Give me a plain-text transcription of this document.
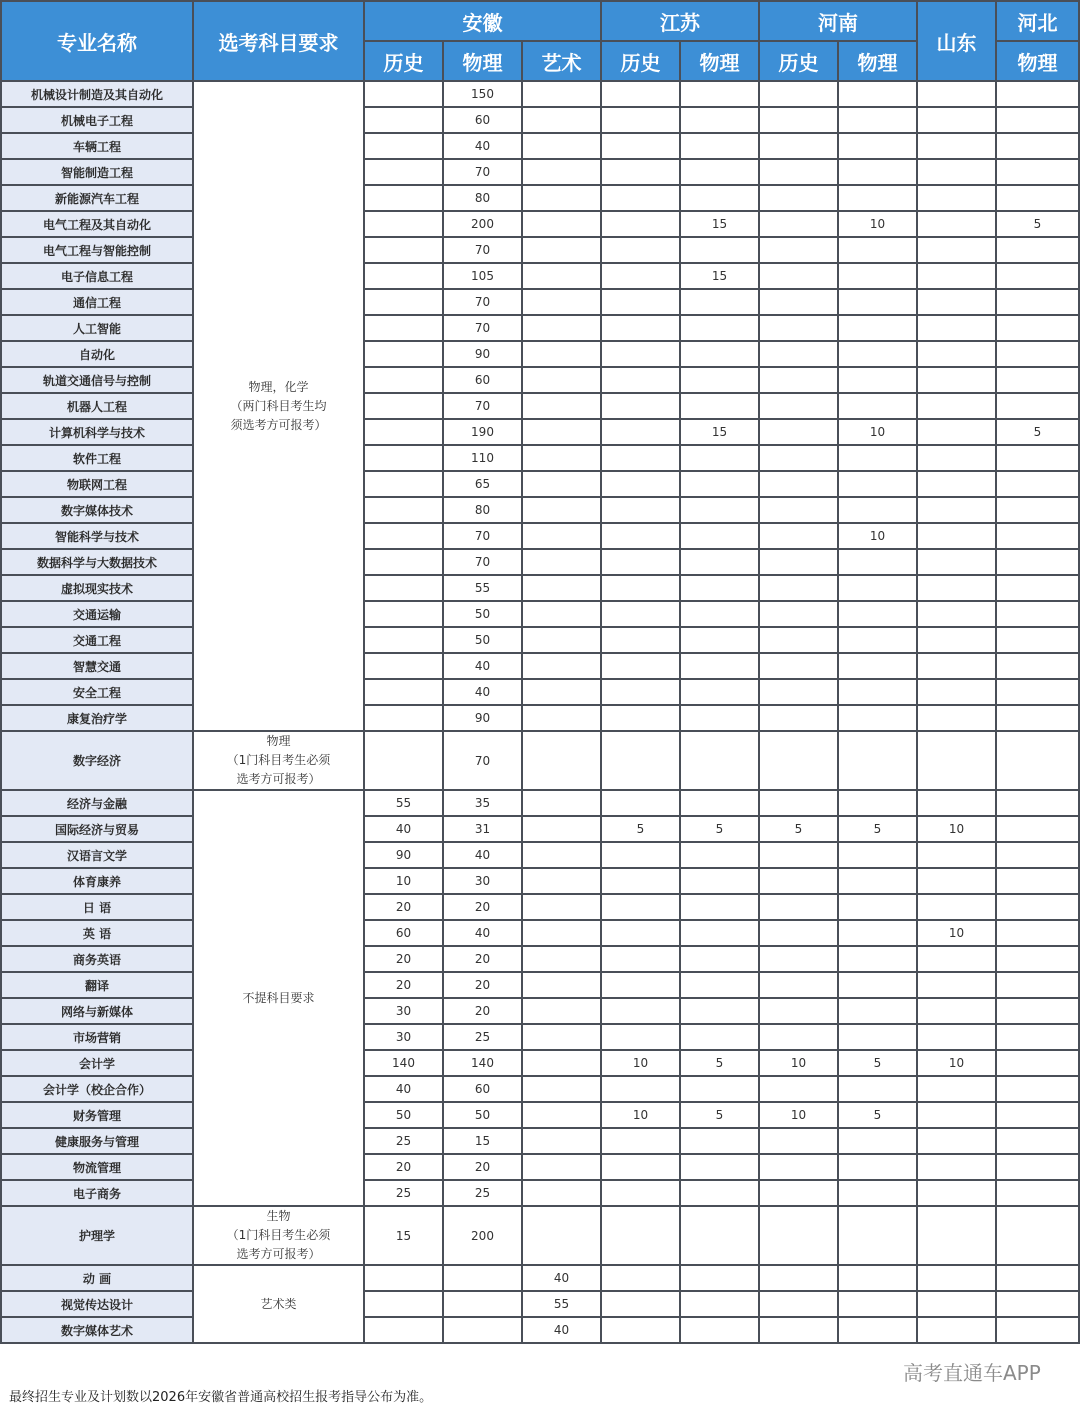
专业名称	选考科目要求	安徽			江苏		河南		山东	河北
		历史	物理	艺术	历史	物理	历史	物理		物理
机械设计制造及其自动化	物理，化学
（两门科目考生均
须选考方可报考）		150							
机械电子工程			60							
车辆工程			40							
智能制造工程			70							
新能源汽车工程			80							
电气工程及其自动化			200			15		10		5
电气工程与智能控制			70							
电子信息工程			105			15				
通信工程			70							
人工智能			70							
自动化			90							
轨道交通信号与控制			60							
机器人工程			70							
计算机科学与技术			190			15		10		5
软件工程			110							
物联网工程			65							
数字媒体技术			80							
智能科学与技术			70					10		
数据科学与大数据技术			70							
虚拟现实技术			55							
交通运输			50							
交通工程			50							
智慧交通			40							
安全工程			40							
康复治疗学			90							
数字经济	物理
（1门科目考生必须
选考方可报考）		70							
经济与金融	不提科目要求	55	35							
国际经济与贸易		40	31		5	5	5	5	10	
汉语言文学		90	40							
体育康养		10	30							
日 语		20	20							
英 语		60	40						10	
商务英语		20	20							
翻译		20	20							
网络与新媒体		30	20							
市场营销		30	25							
会计学		140	140		10	5	10	5	10	
会计学（校企合作）		40	60							
财务管理		50	50		10	5	10	5		
健康服务与管理		25	15							
物流管理		20	20							
电子商务		25	25							
护理学	生物
（1门科目考生必须
选考方可报考）	15	200							
动 画	艺术类			40						
视觉传达设计				55						
数字媒体艺术				40						
最终招生专业及计划数以2026年安徽省普通高校招生报考指导公布为准。
高考直通车APP
